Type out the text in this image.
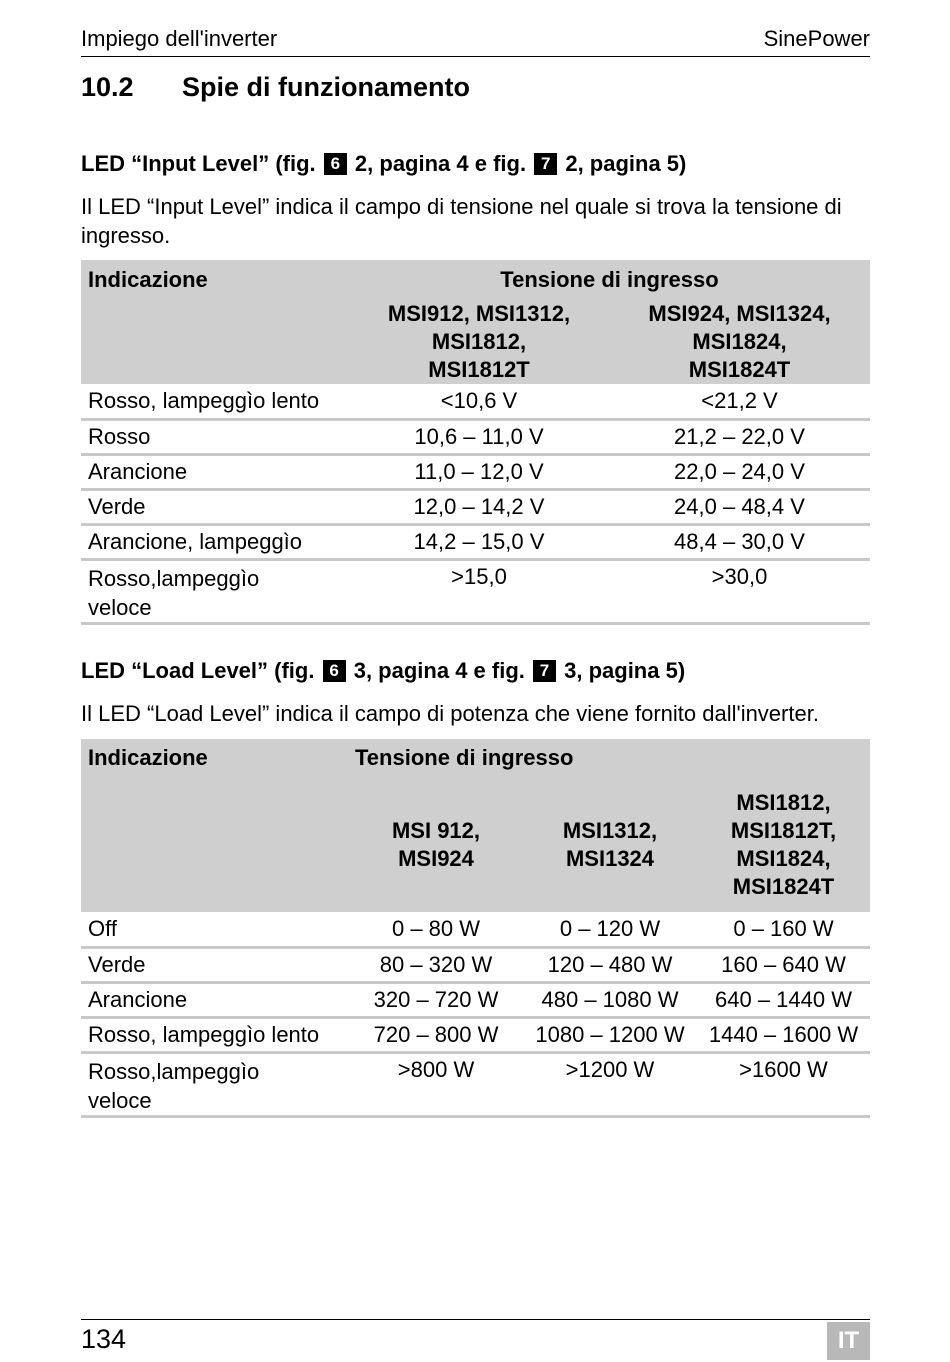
Impiego dell'inverter	SinePower
10.2	Spie di funzionamento
LED “Input Level” (fig. 6 2, pagina 4 e fig. 7 2, pagina 5)
Il LED “Input Level” indica il campo di tensione nel quale si trova la tensione di ingresso.
Indicazione	Tensione di ingresso	
	MSI912, MSI1312, MSI1812, MSI1812T	MSI924, MSI1324, MSI1824, MSI1824T
Rosso, lampeggìo lento	<10,6 V	<21,2 V
Rosso	10,6 – 11,0 V	21,2 – 22,0 V
Arancione	11,0 – 12,0 V	22,0 – 24,0 V
Verde	12,0 – 14,2 V	24,0 – 48,4 V
Arancione, lampeggìo	14,2 – 15,0 V	48,4 – 30,0 V
Rosso,lampeggìo veloce	>15,0	>30,0
LED “Load Level” (fig. 6 3, pagina 4 e fig. 7 3, pagina 5)
Il LED “Load Level” indica il campo di potenza che viene fornito dall'inverter.
Indicazione	Tensione di ingresso		
	MSI 912, MSI924	MSI1312, MSI1324	MSI1812, MSI1812T, MSI1824, MSI1824T
Off	0 – 80 W	0 – 120 W	0 – 160 W
Verde	80 – 320 W	120 – 480 W	160 – 640 W
Arancione	320 – 720 W	480 – 1080 W	640 – 1440 W
Rosso, lampeggìo lento	720 – 800 W	1080 – 1200 W	1440 – 1600 W
Rosso,lampeggìo veloce	>800 W	>1200 W	>1600 W
134	IT
